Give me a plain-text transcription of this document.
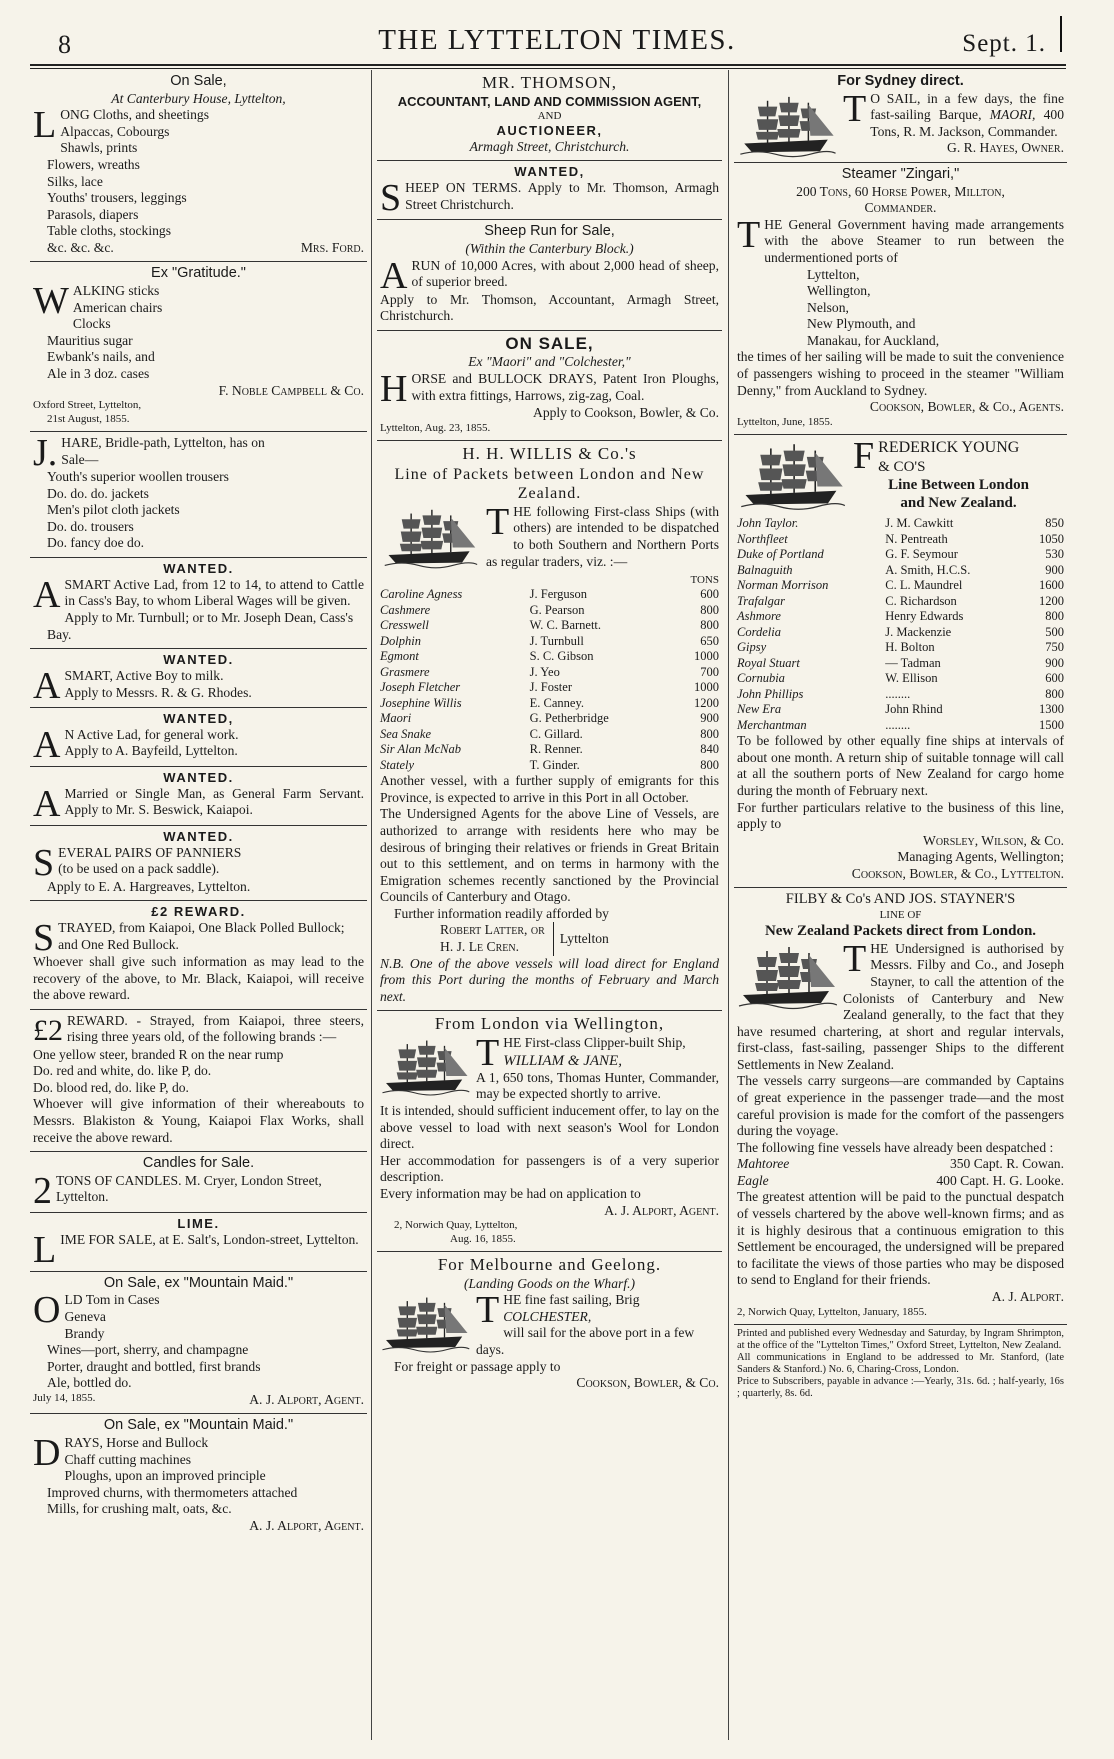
8	THE LYTTELTON TIMES.	Sept. 1.
On Sale,
At Canterbury House, Lyttelton,
LONG Cloths, and sheetings
Alpaccas, Cobourgs
Shawls, prints
Flowers, wreaths
Silks, lace
Youths' trousers, leggings
Parasols, diapers
Table cloths, stockings
&c. &c. &c.	Mrs. Ford.
Ex "Gratitude."
WALKING sticks
American chairs
Clocks
Mauritius sugar
Ewbank's nails, and
Ale in 3 doz. cases
F. Noble Campbell & Co.
Oxford Street, Lyttelton,
21st August, 1855.
J. HARE, Bridle-path, Lyttelton, has on
Sale—
Youth's superior woollen trousers
Do. do. do. jackets
Men's pilot cloth jackets
Do. do. trousers
Do. fancy doe do.
WANTED.
ASMART Active Lad, from 12 to 14, to attend to Cattle in Cass's Bay, to whom Liberal Wages will be given.
Apply to Mr. Turnbull; or to Mr. Joseph Dean, Cass's Bay.
WANTED.
ASMART, Active Boy to milk.
Apply to Messrs. R. & G. Rhodes.
WANTED,
A N Active Lad, for general work.
Apply to A. Bayfeild, Lyttelton.
WANTED.
A Married or Single Man, as General Farm Servant. Apply to Mr. S. Beswick, Kaiapoi.
WANTED.
SEVERAL PAIRS OF PANNIERS
(to be used on a pack saddle).
Apply to E. A. Hargreaves, Lyttelton.
£2 REWARD.
STRAYED, from Kaiapoi, One Black Polled Bullock; and One Red Bullock.
Whoever shall give such information as may lead to the recovery of the above, to Mr. Black, Kaiapoi, will receive the above reward.
£2 REWARD. - Strayed, from Kaiapoi, three steers, rising three years old, of the following brands :—
One yellow steer, branded R on the near rump
Do. red and white, do. like P, do.
Do. blood red, do. like P, do.
Whoever will give information of their whereabouts to Messrs. Blakiston & Young, Kaiapoi Flax Works, shall receive the above reward.
Candles for Sale.
2 TONS OF CANDLES. M. Cryer, London Street, Lyttelton.
LIME.
LIME FOR SALE, at E. Salt's, London-street, Lyttelton.
On Sale, ex "Mountain Maid."
OLD Tom in Cases
Geneva
Brandy
Wines—port, sherry, and champagne
Porter, draught and bottled, first brands
Ale, bottled do.
July 14, 1855.	A. J. Alport, Agent.
On Sale, ex "Mountain Maid."
DRAYS, Horse and Bullock
Chaff cutting machines
Ploughs, upon an improved principle
Improved churns, with thermometers attached
Mills, for crushing malt, oats, &c.
A. J. Alport, Agent.
MR. THOMSON,
ACCOUNTANT, LAND AND COMMISSION AGENT,
AND
AUCTIONEER,
Armagh Street, Christchurch.
WANTED,
SHEEP ON TERMS. Apply to Mr. Thomson, Armagh Street Christchurch.
Sheep Run for Sale,
(Within the Canterbury Block.)
ARUN of 10,000 Acres, with about 2,000 head of sheep, of superior breed.
Apply to Mr. Thomson, Accountant, Armagh Street, Christchurch.
ON SALE,
Ex "Maori" and "Colchester,"
HORSE and BULLOCK DRAYS, Patent Iron Ploughs, with extra fittings, Harrows, zig-zag, Coal.
Apply to Cookson, Bowler, & Co.
Lyttelton, Aug. 23, 1855.
H. H. WILLIS & Co.'s
Line of Packets between London and New Zealand.
THE following First-class Ships (with others) are intended to be dispatched to both Southern and Northern Ports as regular traders, viz. :—
TONS
Caroline Agness	J. Ferguson	600
Cashmere	G. Pearson	800
Cresswell	W. C. Barnett.	800
Dolphin	J. Turnbull	650
Egmont	S. C. Gibson	1000
Grasmere	J. Yeo	700
Joseph Fletcher	J. Foster	1000
Josephine Willis	E. Canney.	1200
Maori	G. Petherbridge	900
Sea Snake	C. Gillard.	800
Sir Alan McNab	R. Renner.	840
Stately	T. Ginder.	800
Another vessel, with a further supply of emigrants for this Province, is expected to arrive in this Port in all October.
The Undersigned Agents for the above Line of Vessels, are authorized to arrange with residents here who may be desirous of bringing their relatives or friends in Great Britain out to this settlement, and on terms in harmony with the Emigration schemes recently sanctioned by the Provincial Councils of Canterbury and Otago.
Further information readily afforded by
Robert Latter, or
H. J. Le Cren.
Lyttelton
N.B. One of the above vessels will load direct for England from this Port during the months of February and March next.
From London via Wellington,
THE First-class Clipper-built Ship,
WILLIAM & JANE,
A 1, 650 tons, Thomas Hunter, Commander, may be expected shortly to arrive.
It is intended, should sufficient inducement offer, to lay on the above vessel to load with next season's Wool for London direct.
Her accommodation for passengers is of a very superior description.
Every information may be had on application to
A. J. Alport, Agent.
2, Norwich Quay, Lyttelton,
Aug. 16, 1855.
For Melbourne and Geelong.
(Landing Goods on the Wharf.)
THE fine fast sailing, Brig COLCHESTER,
will sail for the above port in a few days.
For freight or passage apply to
Cookson, Bowler, & Co.
For Sydney direct.
T O SAIL, in a few days, the fine fast-sailing Barque, MAORI, 400 Tons, R. M. Jackson, Commander.
G. R. Hayes, Owner.
Steamer "Zingari,"
200 Tons, 60 Horse Power, Millton,
Commander.
THE General Government having made arrangements with the above Steamer to run between the undermentioned ports of
Lyttelton,
Wellington,
Nelson,
New Plymouth, and
Manakau, for Auckland,
the times of her sailing will be made to suit the convenience of passengers wishing to proceed in the steamer "William Denny," from Auckland to Sydney.
Cookson, Bowler, & Co., Agents.
Lyttelton, June, 1855.
FREDERICK YOUNG
& CO'S
Line Between London
and New Zealand.
John Taylor.	J. M. Cawkitt	850
Northfleet	N. Pentreath	1050
Duke of Portland	G. F. Seymour	530
Balnaguith	A. Smith, H.C.S.	900
Norman Morrison	C. L. Maundrel	1600
Trafalgar	C. Richardson	1200
Ashmore	Henry Edwards	800
Cordelia	J. Mackenzie	500
Gipsy	H. Bolton	750
Royal Stuart	— Tadman	900
Cornubia	W. Ellison	600
John Phillips	........	800
New Era	John Rhind	1300
Merchantman	........	1500
To be followed by other equally fine ships at intervals of about one month. A return ship of suitable tonnage will call at all the southern ports of New Zealand for cargo home during the month of February next.
For further particulars relative to the business of this line, apply to
Worsley, Wilson, & Co.
Managing Agents, Wellington;
Cookson, Bowler, & Co., Lyttelton.
FILBY & Co's AND JOS. STAYNER'S
LINE OF
New Zealand Packets direct from London.
THE Undersigned is authorised by Messrs. Filby and Co., and Joseph Stayner, to call the attention of the Colonists of Canterbury and New Zealand generally, to the fact that they have resumed chartering, at short and regular intervals, first-class, fast-sailing, passenger Ships to the different Settlements in New Zealand.
The vessels carry surgeons—are commanded by Captains of great experience in the passenger trade—and the most careful provision is made for the comfort of the passengers during the voyage.
The following fine vessels have already been despatched :
Mahtoree	350 Capt. R. Cowan.
Eagle	400 Capt. H. G. Looke.
The greatest attention will be paid to the punctual despatch of vessels chartered by the above well-known firms; and as it is highly desirous that a continuous emigration to this Settlement be encouraged, the undersigned will be prepared to facilitate the views of those parties who may be disposed to send to England for their friends.
A. J. Alport.
2, Norwich Quay, Lyttelton, January, 1855.
Printed and published every Wednesday and Saturday, by Ingram Shrimpton, at the office of the "Lyttelton Times," Oxford Street, Lyttelton, New Zealand.
All communications in England to be addressed to Mr. Stanford, (late Sanders & Stanford.) No. 6, Charing-Cross, London.
Price to Subscribers, payable in advance :—Yearly, 31s. 6d. ; half-yearly, 16s ; quarterly, 8s. 6d.
